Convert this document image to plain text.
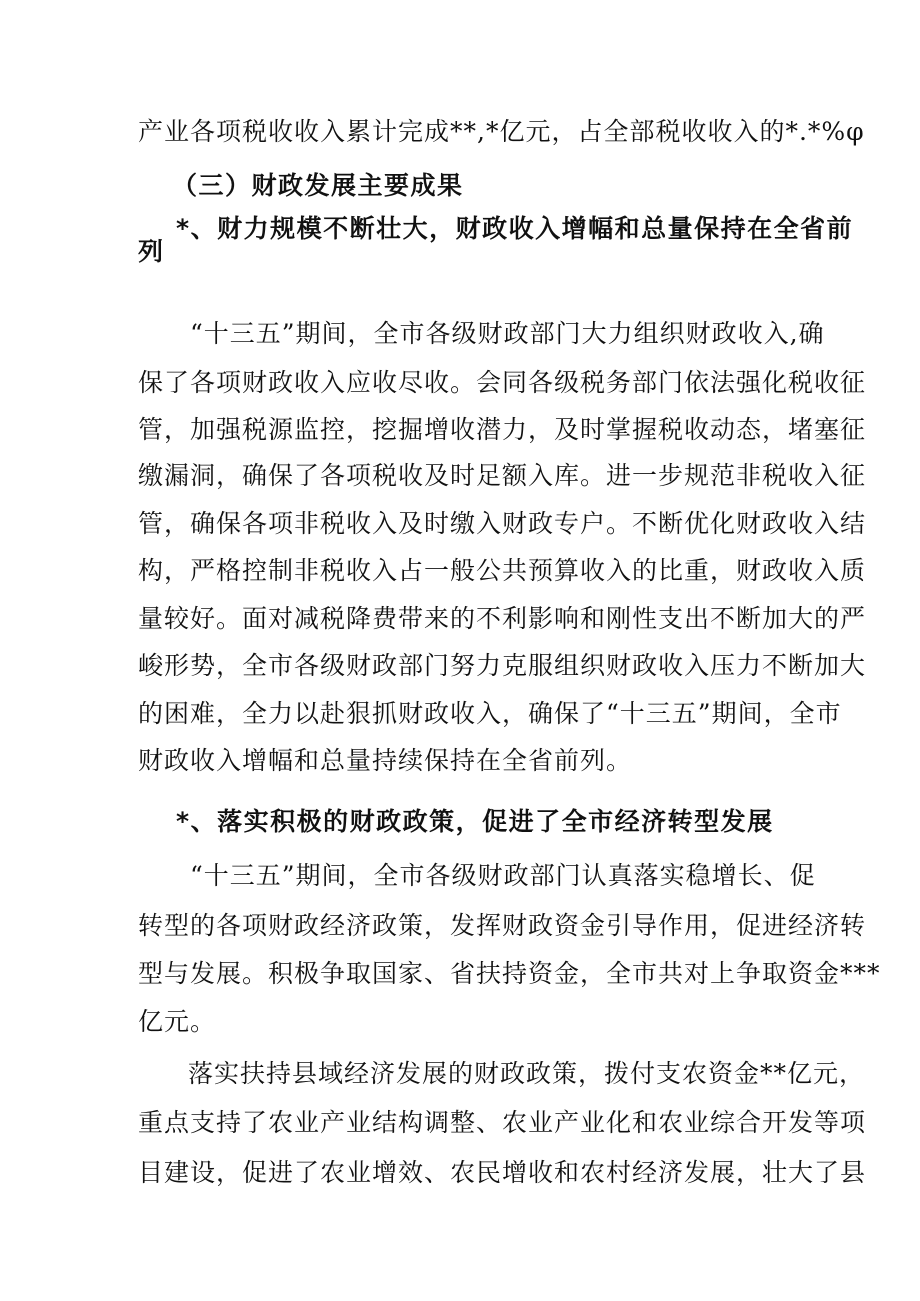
产业各项税收收入累计完成**,*亿元，占全部税收收入的*.*%φ
（三）财政发展主要成果
*、财力规模不断壮大，财政收入增幅和总量保持在全省前
列
“十三五”期间，全市各级财政部门大力组织财政收入,确
保了各项财政收入应收尽收。会同各级税务部门依法强化税收征
管，加强税源监控，挖掘增收潜力，及时掌握税收动态，堵塞征
缴漏洞，确保了各项税收及时足额入库。进一步规范非税收入征
管，确保各项非税收入及时缴入财政专户。不断优化财政收入结
构，严格控制非税收入占一般公共预算收入的比重，财政收入质
量较好。面对减税降费带来的不利影响和刚性支出不断加大的严
峻形势，全市各级财政部门努力克服组织财政收入压力不断加大
的困难，全力以赴狠抓财政收入，确保了“十三五”期间，全市
财政收入增幅和总量持续保持在全省前列。
*、落实积极的财政政策，促进了全市经济转型发展
“十三五”期间，全市各级财政部门认真落实稳增长、促
转型的各项财政经济政策，发挥财政资金引导作用，促进经济转
型与发展。积极争取国家、省扶持资金，全市共对上争取资金***
亿元。
落实扶持县域经济发展的财政政策，拨付支农资金**亿元，
重点支持了农业产业结构调整、农业产业化和农业综合开发等项
目建设，促进了农业增效、农民增收和农村经济发展，壮大了县
